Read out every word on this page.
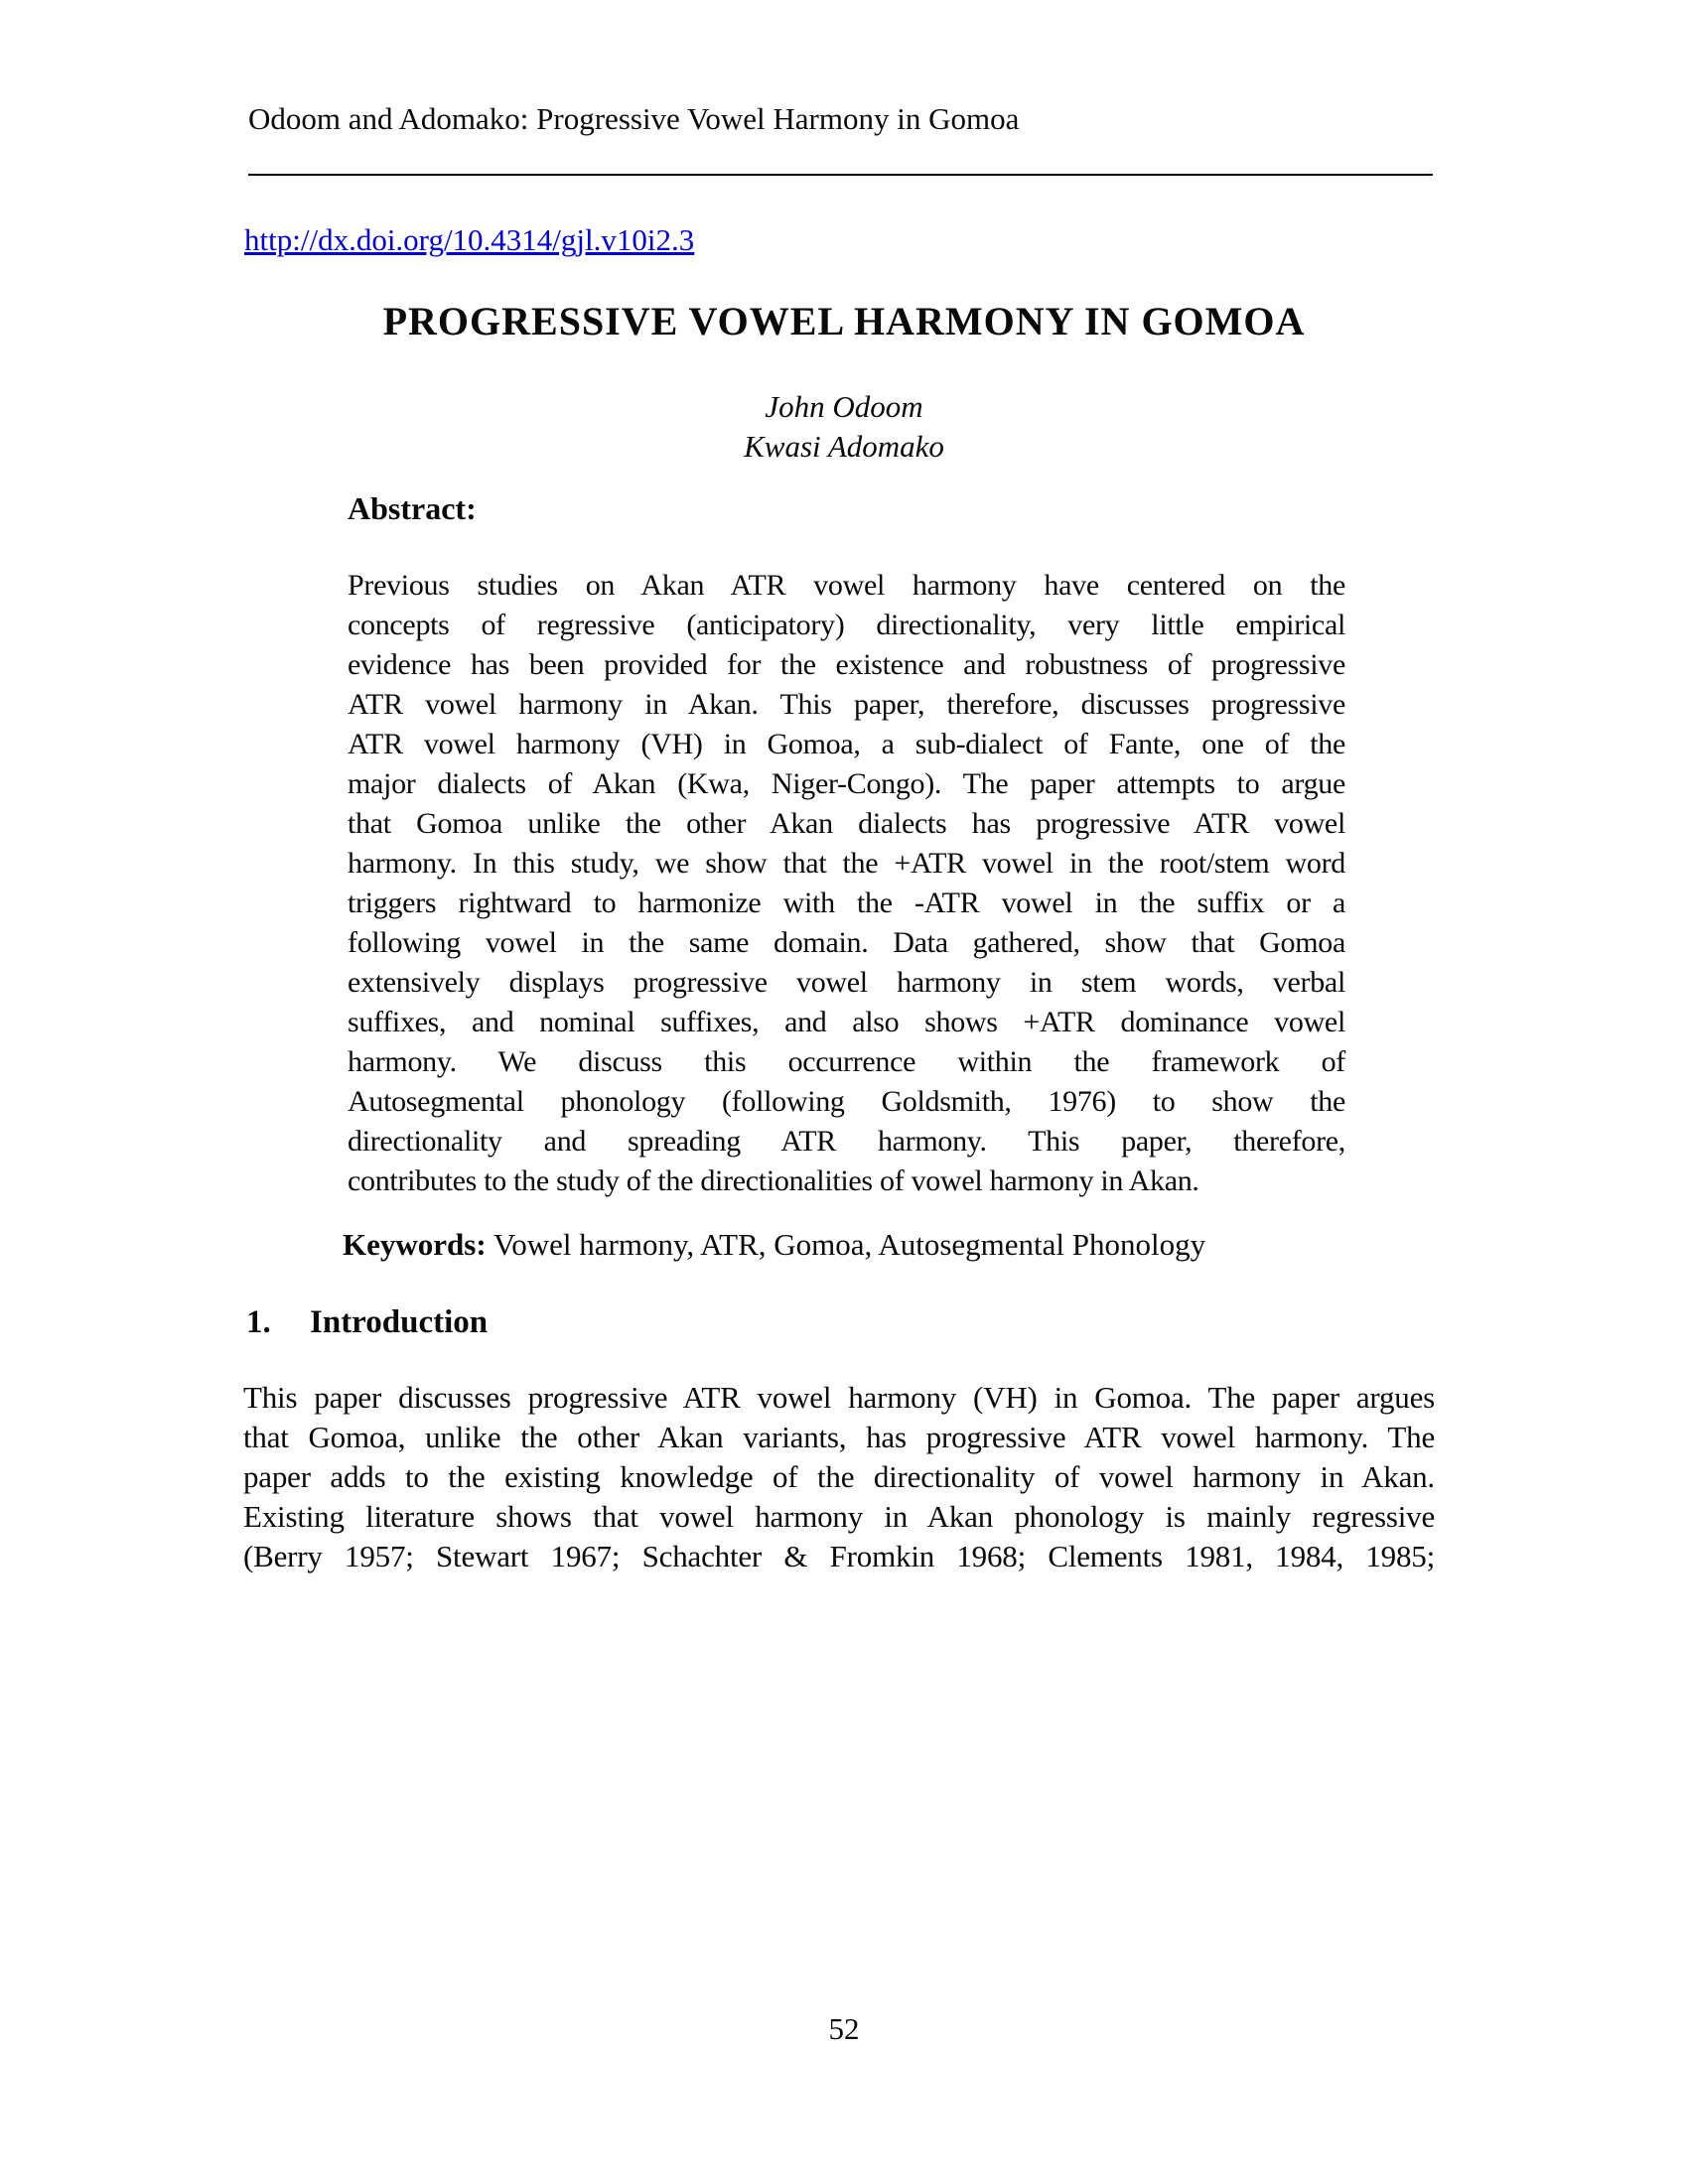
Odoom and Adomako: Progressive Vowel Harmony in Gomoa
http://dx.doi.org/10.4314/gjl.v10i2.3
PROGRESSIVE VOWEL HARMONY IN GOMOA
John Odoom
Kwasi Adomako
Abstract:
Previous studies on Akan ATR vowel harmony have centered on the
concepts of regressive (anticipatory) directionality, very little empirical
evidence has been provided for the existence and robustness of progressive
ATR vowel harmony in Akan. This paper, therefore, discusses progressive
ATR vowel harmony (VH) in Gomoa, a sub-dialect of Fante, one of the
major dialects of Akan (Kwa, Niger-Congo). The paper attempts to argue
that Gomoa unlike the other Akan dialects has progressive ATR vowel
harmony. In this study, we show that the +ATR vowel in the root/stem word
triggers rightward to harmonize with the -ATR vowel in the suffix or a
following vowel in the same domain. Data gathered, show that Gomoa
extensively displays progressive vowel harmony in stem words, verbal
suffixes, and nominal suffixes, and also shows +ATR dominance vowel
harmony. We discuss this occurrence within the framework of
Autosegmental phonology (following Goldsmith, 1976) to show the
directionality and spreading ATR harmony. This paper, therefore,
contributes to the study of the directionalities of vowel harmony in Akan.
Keywords: Vowel harmony, ATR, Gomoa, Autosegmental Phonology
1. Introduction
This paper discusses progressive ATR vowel harmony (VH) in Gomoa. The paper argues
that Gomoa, unlike the other Akan variants, has progressive ATR vowel harmony. The
paper adds to the existing knowledge of the directionality of vowel harmony in Akan.
Existing literature shows that vowel harmony in Akan phonology is mainly regressive
(Berry 1957; Stewart 1967; Schachter & Fromkin 1968; Clements 1981, 1984, 1985;
52
